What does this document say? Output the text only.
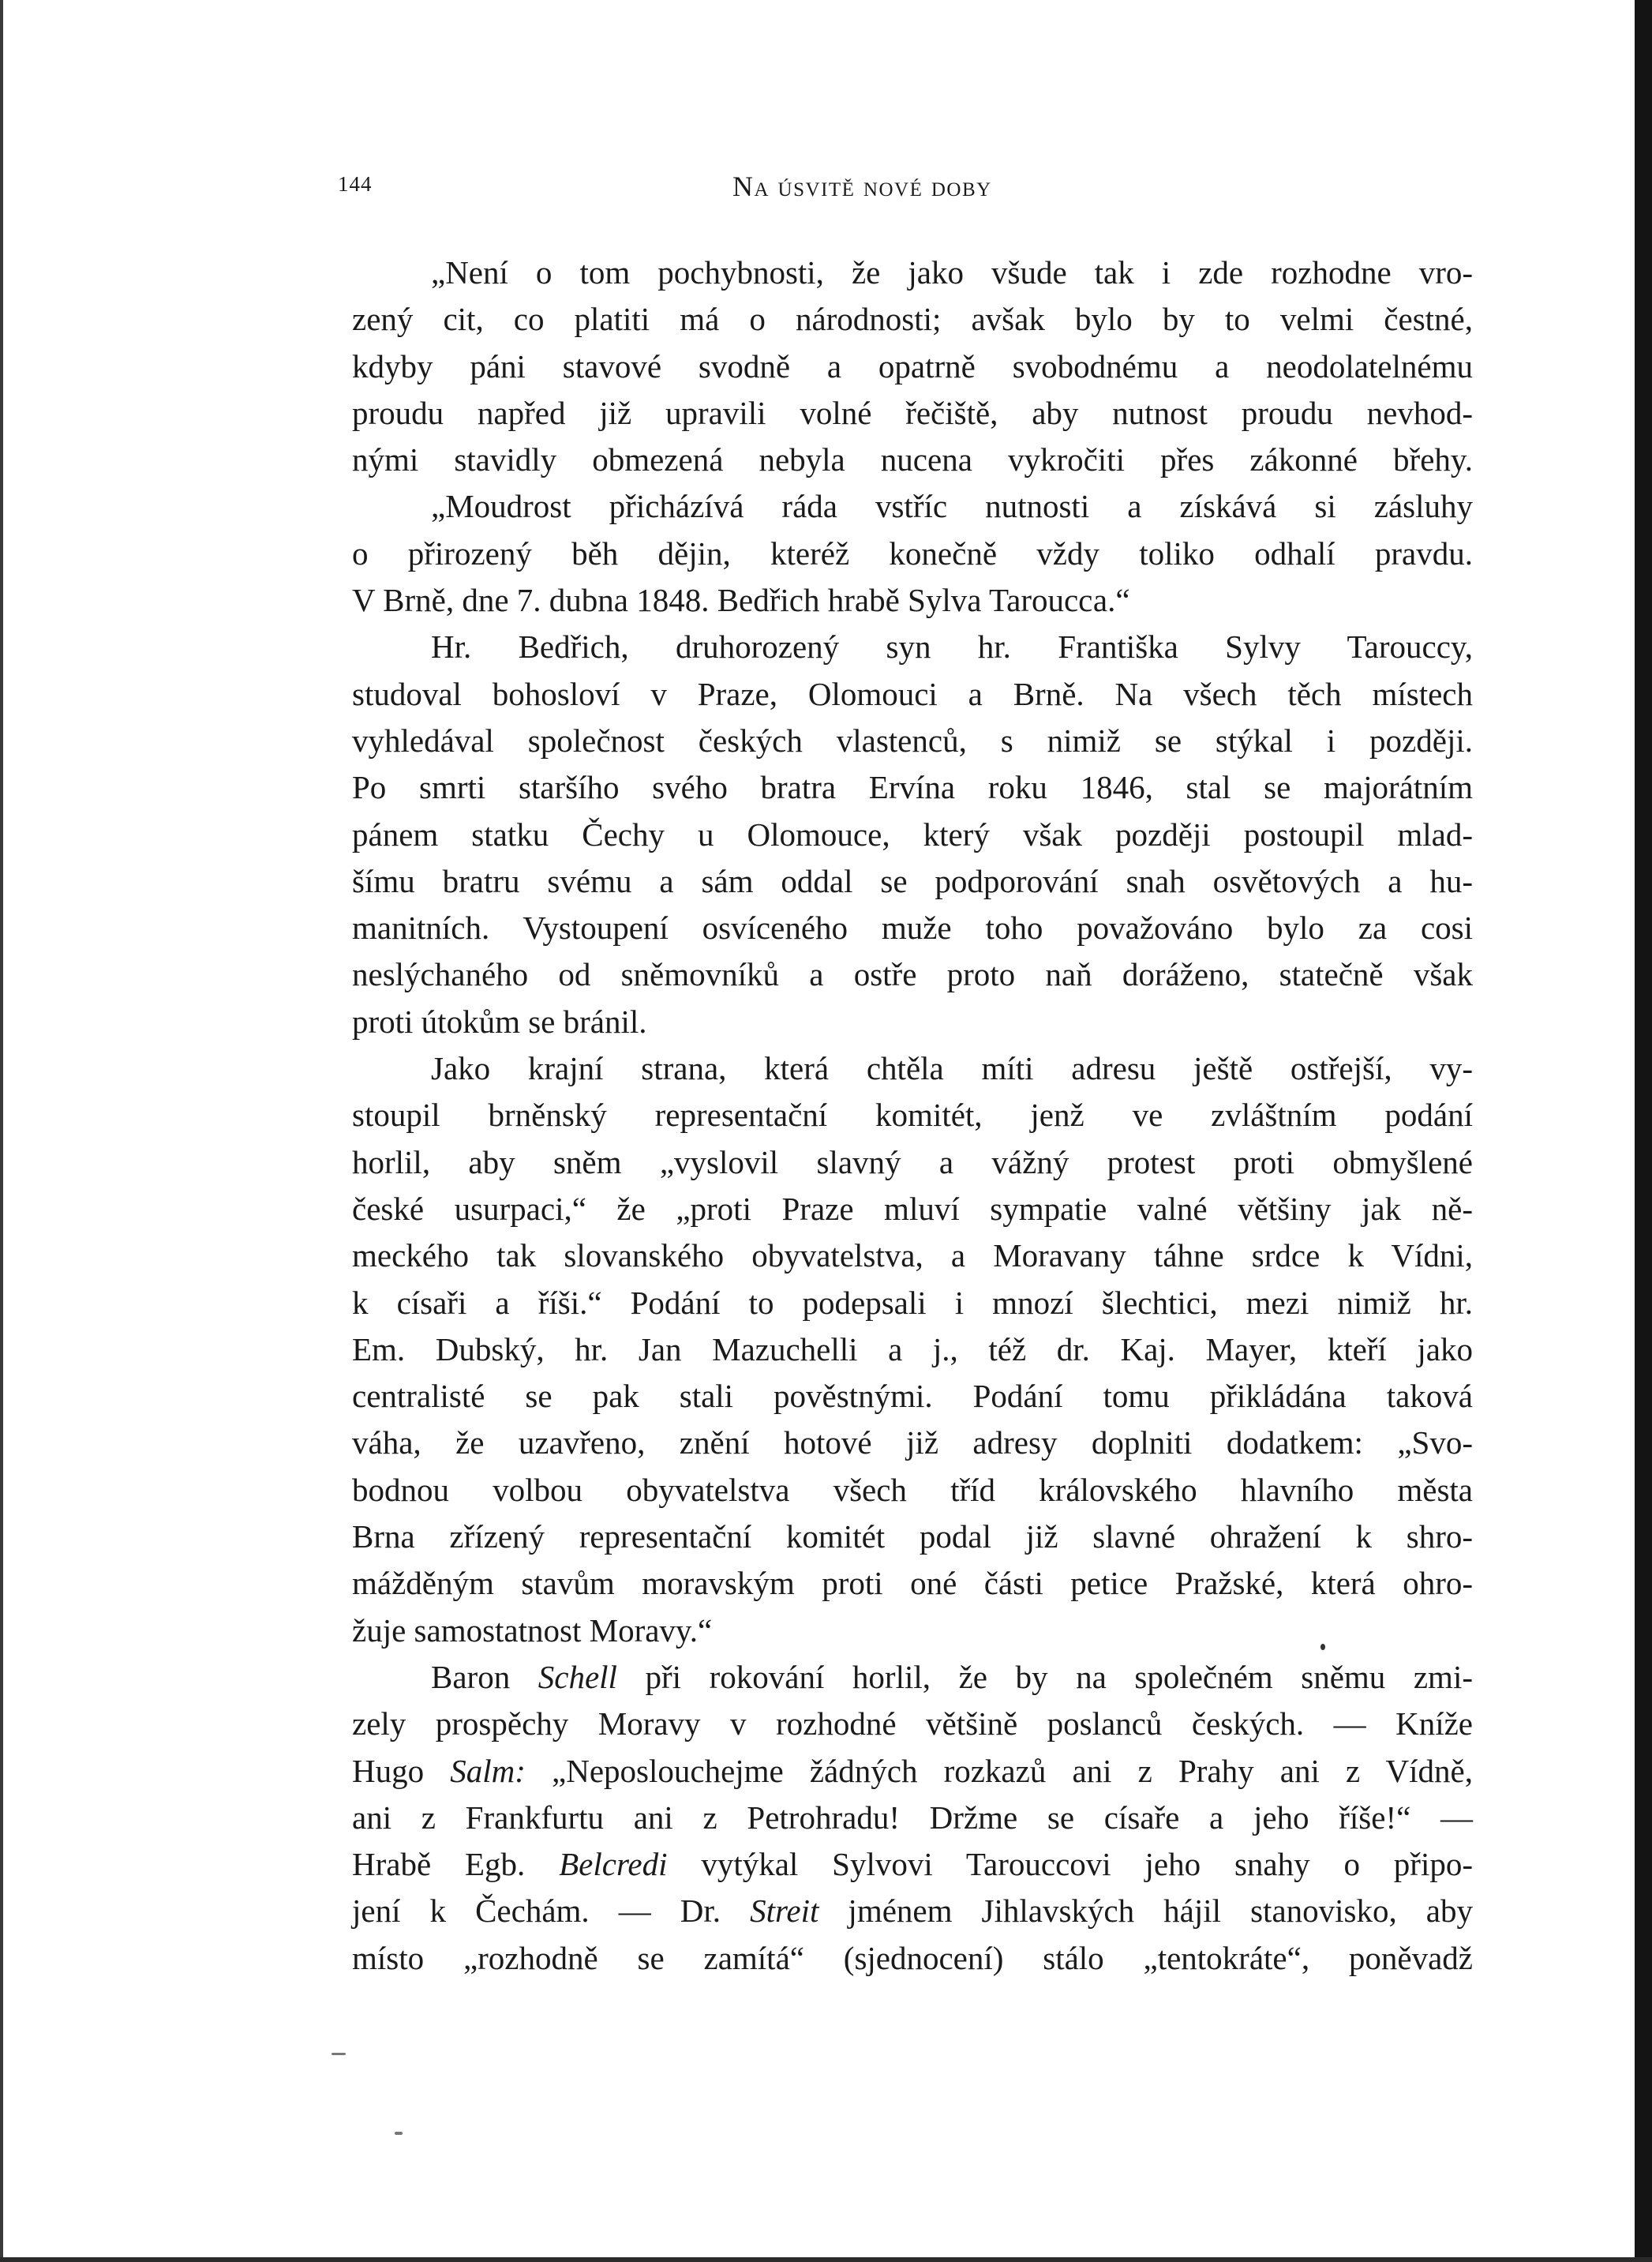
144	Na úsvitě nové doby
„Není o tom pochybnosti, že jako všude tak i zde rozhodne vro-
zený cit, co platiti má o národnosti; avšak bylo by to velmi čestné,
kdyby páni stavové svodně a opatrně svobodnému a neodolatelnému
proudu napřed již upravili volné řečiště, aby nutnost proudu nevhod-
nými stavidly obmezená nebyla nucena vykročiti přes zákonné břehy.
„Moudrost přicházívá ráda vstříc nutnosti a získává si zásluhy
o přirozený běh dějin, kteréž konečně vždy toliko odhalí pravdu.
V Brně, dne 7. dubna 1848. Bedřich hrabě Sylva Tarouсса.“
Hr. Bedřich, druhorozený syn hr. Františka Sylvy Tarouccy,
studoval bohosloví v Praze, Olomouci a Brně. Na všech těch místech
vyhledával společnost českých vlastenců, s nimiž se stýkal i později.
Po smrti staršího svého bratra Ervína roku 1846, stal se majorátním
pánem statku Čechy u Olomouce, který však později postoupil mlad-
šímu bratru svému a sám oddal se podporování snah osvětových a hu-
manitních. Vystoupení osvíceného muže toho považováno bylo za cosi
neslýchaného od sněmovníků a ostře proto naň doráženo, statečně však
proti útokům se bránil.
Jako krajní strana, která chtěla míti adresu ještě ostřejší, vy-
stoupil brněnský representační komitét, jenž ve zvláštním podání
horlil, aby sněm „vyslovil slavný a vážný protest proti obmyšlené
české usurpaci,“ že „proti Praze mluví sympatie valné většiny jak ně-
meckého tak slovanského obyvatelstva, a Moravany táhne srdce k Vídni,
k císaři a říši.“ Podání to podepsali i mnozí šlechtici, mezi nimiž hr.
Em. Dubský, hr. Jan Mazuchelli a j., též dr. Kaj. Mayer, kteří jako
centralisté se pak stali pověstnými. Podání tomu přikládána taková
váha, že uzavřeno, znění hotové již adresy doplniti dodatkem: „Svo-
bodnou volbou obyvatelstva všech tříd královského hlavního města
Brna zřízený representační komitét podal již slavné ohražení k shro-
mážděným stavům moravským proti oné části petice Pražské, která ohro-
žuje samostatnost Moravy.“
Baron Schell při rokování horlil, že by na společném sněmu zmi-
zely prospěchy Moravy v rozhodné většině poslanců českých. — Kníže
Hugo Salm: „Neposlouchejme žádných rozkazů ani z Prahy ani z Vídně,
ani z Frankfurtu ani z Petrohradu! Držme se císaře a jeho říše!“ —
Hrabě Egb. Belcredi vytýkal Sylvovi Tarouccovi jeho snahy o připo-
jení k Čechám. — Dr. Streit jménem Jihlavských hájil stanovisko, aby
místo „rozhodně se zamítá“ (sjednocení) stálo „tentokráte“, poněvadž
